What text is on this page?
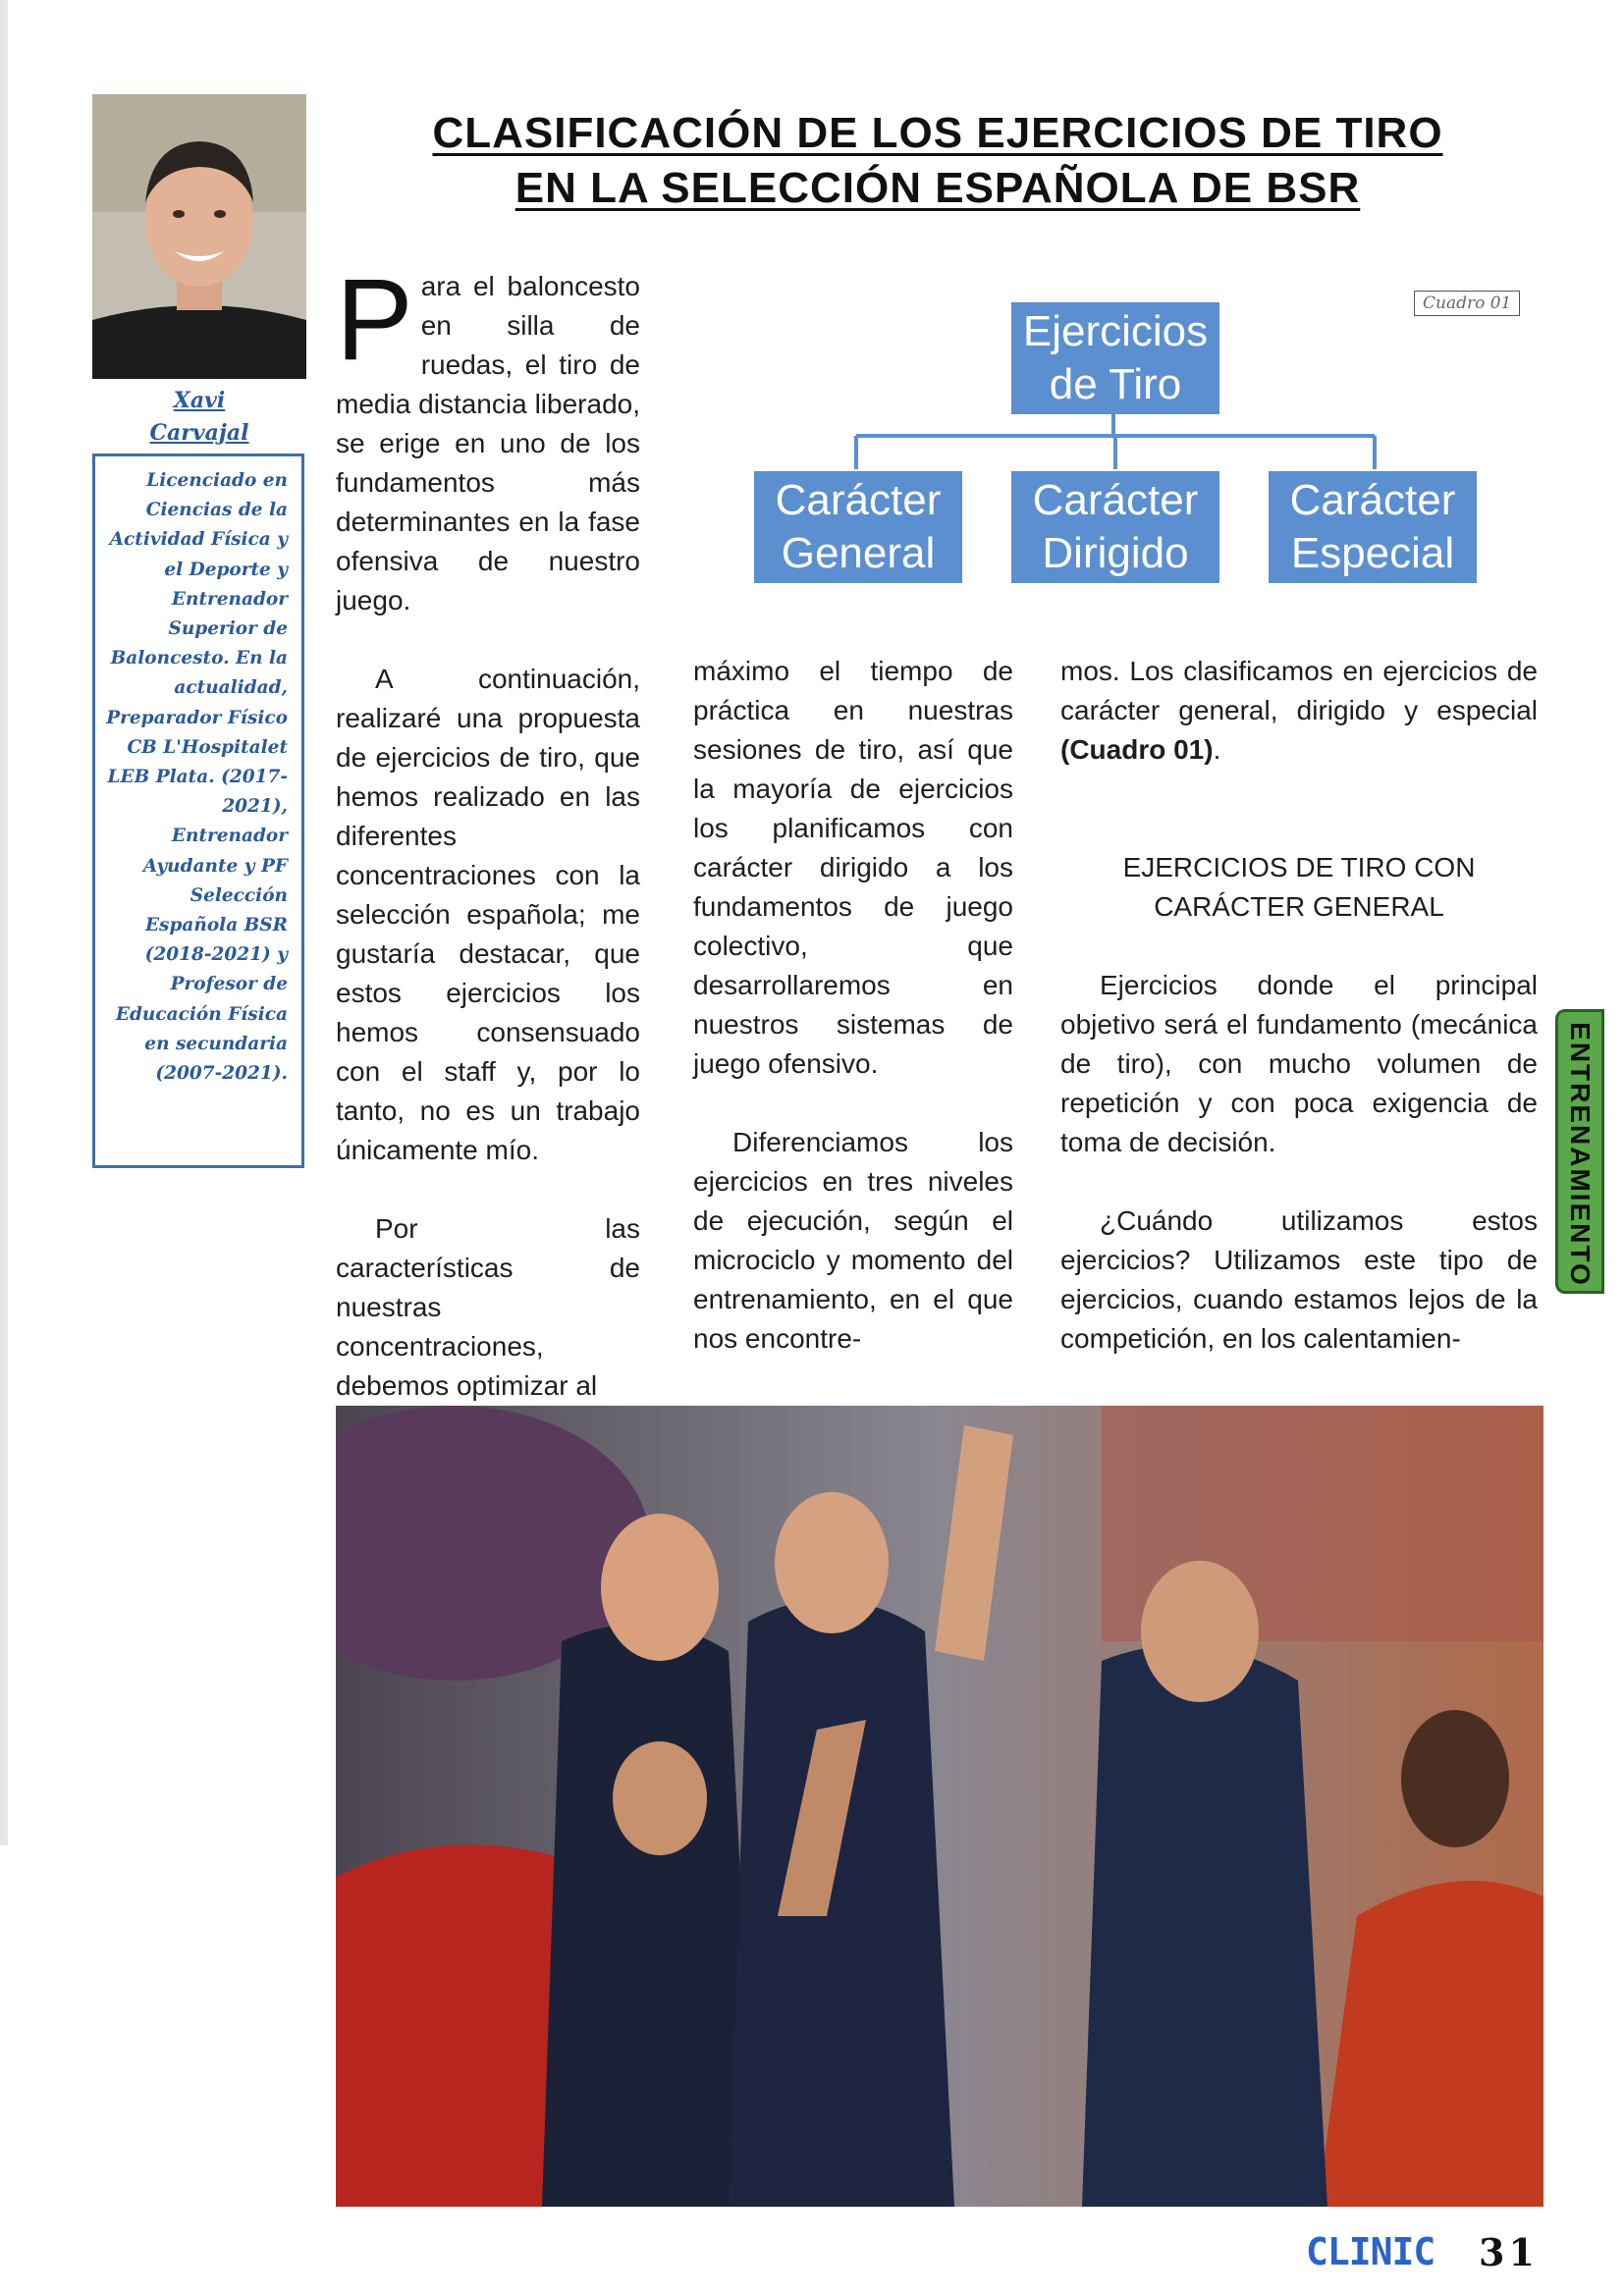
Xavi
Carvajal
Licenciado en Ciencias de la Actividad Física y el Deporte y Entrenador Superior de Baloncesto. En la actualidad, Preparador Físico CB L'Hospitalet LEB Plata. (2017-2021), Entrenador Ayudante y PF Selección Española BSR (2018-2021) y Profesor de Educación Física en secundaria (2007-2021).
CLASIFICACIÓN DE LOS EJERCICIOS DE TIRO
EN LA SELECCIÓN ESPAÑOLA DE BSR
Cuadro 01
Ejercicios
de Tiro
Carácter
General
Carácter
Dirigido
Carácter
Especial

Para el baloncesto en silla de ruedas, el tiro de media distancia liberado, se erige en uno de los fundamentos más determinantes en la fase ofensiva de nuestro juego.

A continuación, realizaré una propuesta de ejercicios de tiro, que hemos realizado en las diferentes concentraciones con la selección española; me gustaría destacar, que estos ejercicios los hemos consensuado con el staff y, por lo tanto, no es un trabajo únicamente mío.

Por las características de nuestras concentraciones, debemos optimizar al

máximo el tiempo de práctica en nuestras sesiones de tiro, así que la mayoría de ejercicios los planificamos con carácter dirigido a los fundamentos de juego colectivo, que desarrollaremos en nuestros sistemas de juego ofensivo.

Diferenciamos los ejercicios en tres niveles de ejecución, según el microciclo y momento del entrenamiento, en el que nos encontre-

mos. Los clasificamos en ejercicios de carácter general, dirigido y especial (Cuadro 01).

EJERCICIOS DE TIRO CON
CARÁCTER GENERAL

Ejercicios donde el principal objetivo será el fundamento (mecánica de tiro), con mucho volumen de repetición y con poca exigencia de toma de decisión.

¿Cuándo utilizamos estos ejercicios? Utilizamos este tipo de ejercicios, cuando estamos lejos de la competición, en los calentamien-

ENTRENAMIENTO
CLINIC 31
